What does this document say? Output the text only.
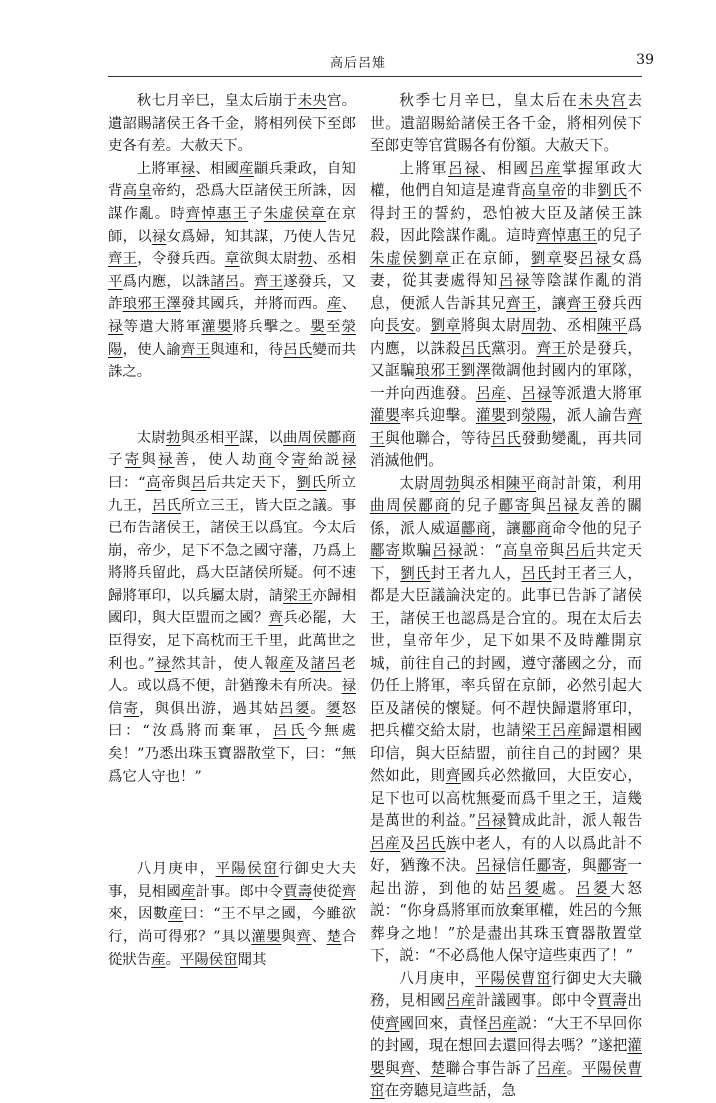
高后呂雉	39

秋七月辛巳，皇太后崩于未央宫。遺詔賜諸侯王各千金，將相列侯下至郎吏各有差。大赦天下。

上將軍禄、相國産顓兵秉政，自知背高皇帝約，恐爲大臣諸侯王所誅，因謀作亂。時齊悼惠王子朱虚侯章在京師，以禄女爲婦，知其謀，乃使人告兄齊王，令發兵西。章欲與太尉勃、丞相平爲内應，以誅諸呂。齊王遂發兵，又詐琅邪王澤發其國兵，并將而西。産、禄等遣大將軍灌嬰將兵擊之。嬰至滎陽，使人諭齊王與連和，待呂氏變而共誅之。

太尉勃與丞相平謀，以曲周侯酈商子寄與禄善，使人劫商令寄紿説禄曰：“高帝與呂后共定天下，劉氏所立九王，呂氏所立三王，皆大臣之議。事已布告諸侯王，諸侯王以爲宜。今太后崩，帝少，足下不急之國守藩，乃爲上將將兵留此，爲大臣諸侯所疑。何不速歸將軍印，以兵屬太尉，請梁王亦歸相國印，與大臣盟而之國？齊兵必罷，大臣得安，足下高枕而王千里，此萬世之利也。”禄然其計，使人報産及諸呂老人。或以爲不便，計猶豫未有所决。禄信寄，與俱出游，過其姑呂嬃。嬃怒曰：“汝爲將而棄軍，呂氏今無處矣！”乃悉出珠玉寶器散堂下，曰：“無爲它人守也！”

八月庚申，平陽侯窋行御史大夫事，見相國産計事。郎中令賈壽使從齊來，因數産曰：“王不早之國，今雖欲行，尚可得邪？”具以灌嬰與齊、楚合從狀告産。平陽侯窋聞其

秋季七月辛巳，皇太后在未央宫去世。遺詔賜給諸侯王各千金，將相列侯下至郎吏等官賞賜各有份額。大赦天下。

上將軍呂禄、相國呂産掌握軍政大權，他們自知這是違背高皇帝的非劉氏不得封王的誓約，恐怕被大臣及諸侯王誅殺，因此陰謀作亂。這時齊悼惠王的兒子朱虚侯劉章正在京師，劉章娶呂禄女爲妻，從其妻處得知呂禄等陰謀作亂的消息，便派人告訴其兄齊王，讓齊王發兵西向長安。劉章將與太尉周勃、丞相陳平爲内應，以誅殺呂氏黨羽。齊王於是發兵，又誆騙琅邪王劉澤徵調他封國内的軍隊，一并向西進發。呂産、呂禄等派遣大將軍灌嬰率兵迎擊。灌嬰到滎陽，派人諭告齊王與他聯合，等待呂氏發動變亂，再共同消滅他們。

太尉周勃與丞相陳平商討計策，利用曲周侯酈商的兒子酈寄與呂禄友善的關係，派人威逼酈商，讓酈商命令他的兒子酈寄欺騙呂禄説：“高皇帝與呂后共定天下，劉氏封王者九人，呂氏封王者三人，都是大臣議論決定的。此事已告訴了諸侯王，諸侯王也認爲是合宜的。現在太后去世，皇帝年少，足下如果不及時離開京城，前往自己的封國，遵守藩國之分，而仍任上將軍，率兵留在京師，必然引起大臣及諸侯的懷疑。何不趕快歸還將軍印，把兵權交給太尉，也請梁王呂産歸還相國印信，與大臣結盟，前往自己的封國？果然如此，則齊國兵必然撤回，大臣安心，足下也可以高枕無憂而爲千里之王，這幾是萬世的利益。”呂禄贊成此計，派人報告呂産及呂氏族中老人，有的人以爲此計不好，猶豫不決。呂禄信任酈寄，與酈寄一起出游，到他的姑呂嬃處。呂嬃大怒説：“你身爲將軍而放棄軍權，姓呂的今無葬身之地！”於是盡出其珠玉寶器散置堂下，説：“不必爲他人保守這些東西了！”

八月庚申，平陽侯曹窋行御史大夫職務，見相國呂産計議國事。郎中令賈壽出使齊國回來，責怪呂産説：“大王不早回你的封國，現在想回去還回得去嗎？”遂把灌嬰與齊、楚聯合事告訴了呂産。平陽侯曹窋在旁聽見這些話，急
